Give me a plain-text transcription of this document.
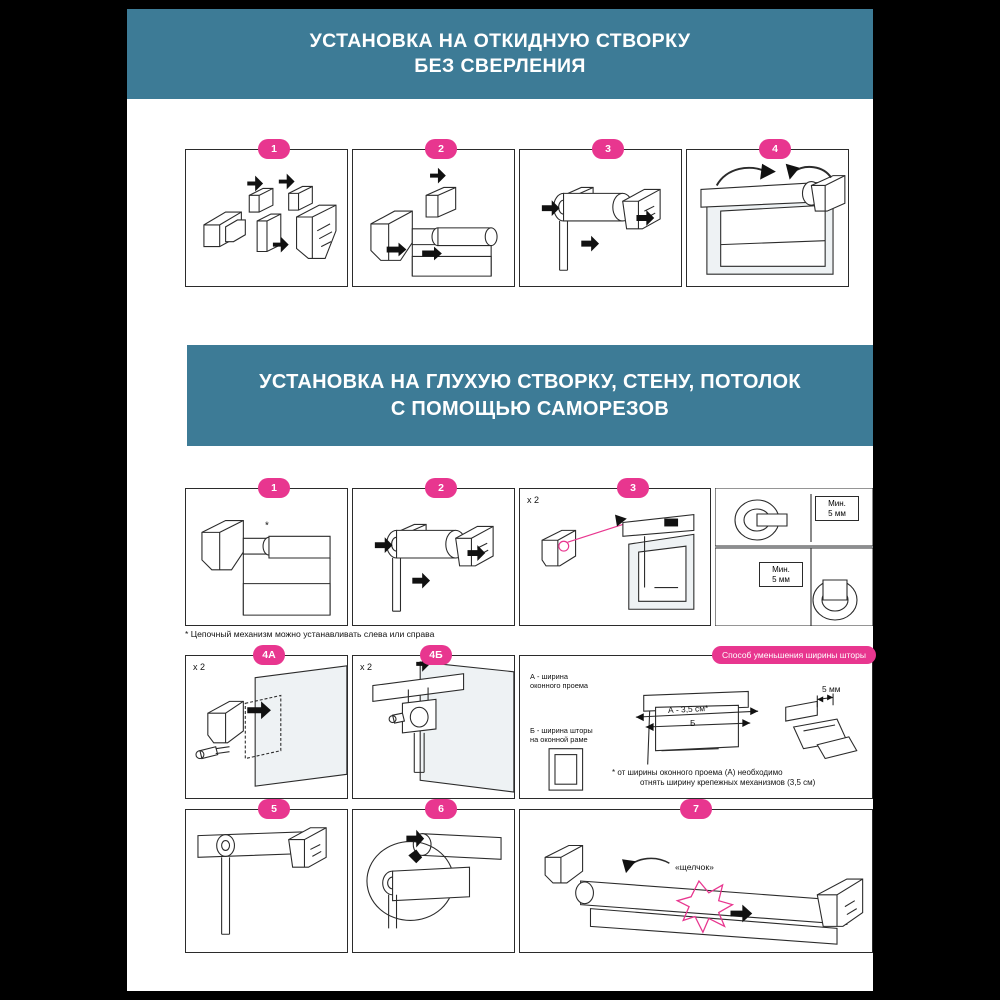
УСТАНОВКА НА ОТКИДНУЮ СТВОРКУ
БЕЗ СВЕРЛЕНИЯ
1	2	3	4
УСТАНОВКА НА ГЛУХУЮ СТВОРКУ, СТЕНУ, ПОТОЛОК
С ПОМОЩЬЮ САМОРЕЗОВ
*
1	2
х 2
3
Мин.
5 мм
Мин.
5 мм
* Цепочный механизм можно устанавливать слева или справа
х 2
4А
х 2
4Б
А - ширина
оконного проема
Б - ширина шторы
на оконной раме
А - 3,5 см*
Б
5 мм
* от ширины оконного проема (А) необходимо
отнять ширину крепежных механизмов (3,5 см)
Способ уменьшения ширины шторы
5	6
«щелчок»
7
